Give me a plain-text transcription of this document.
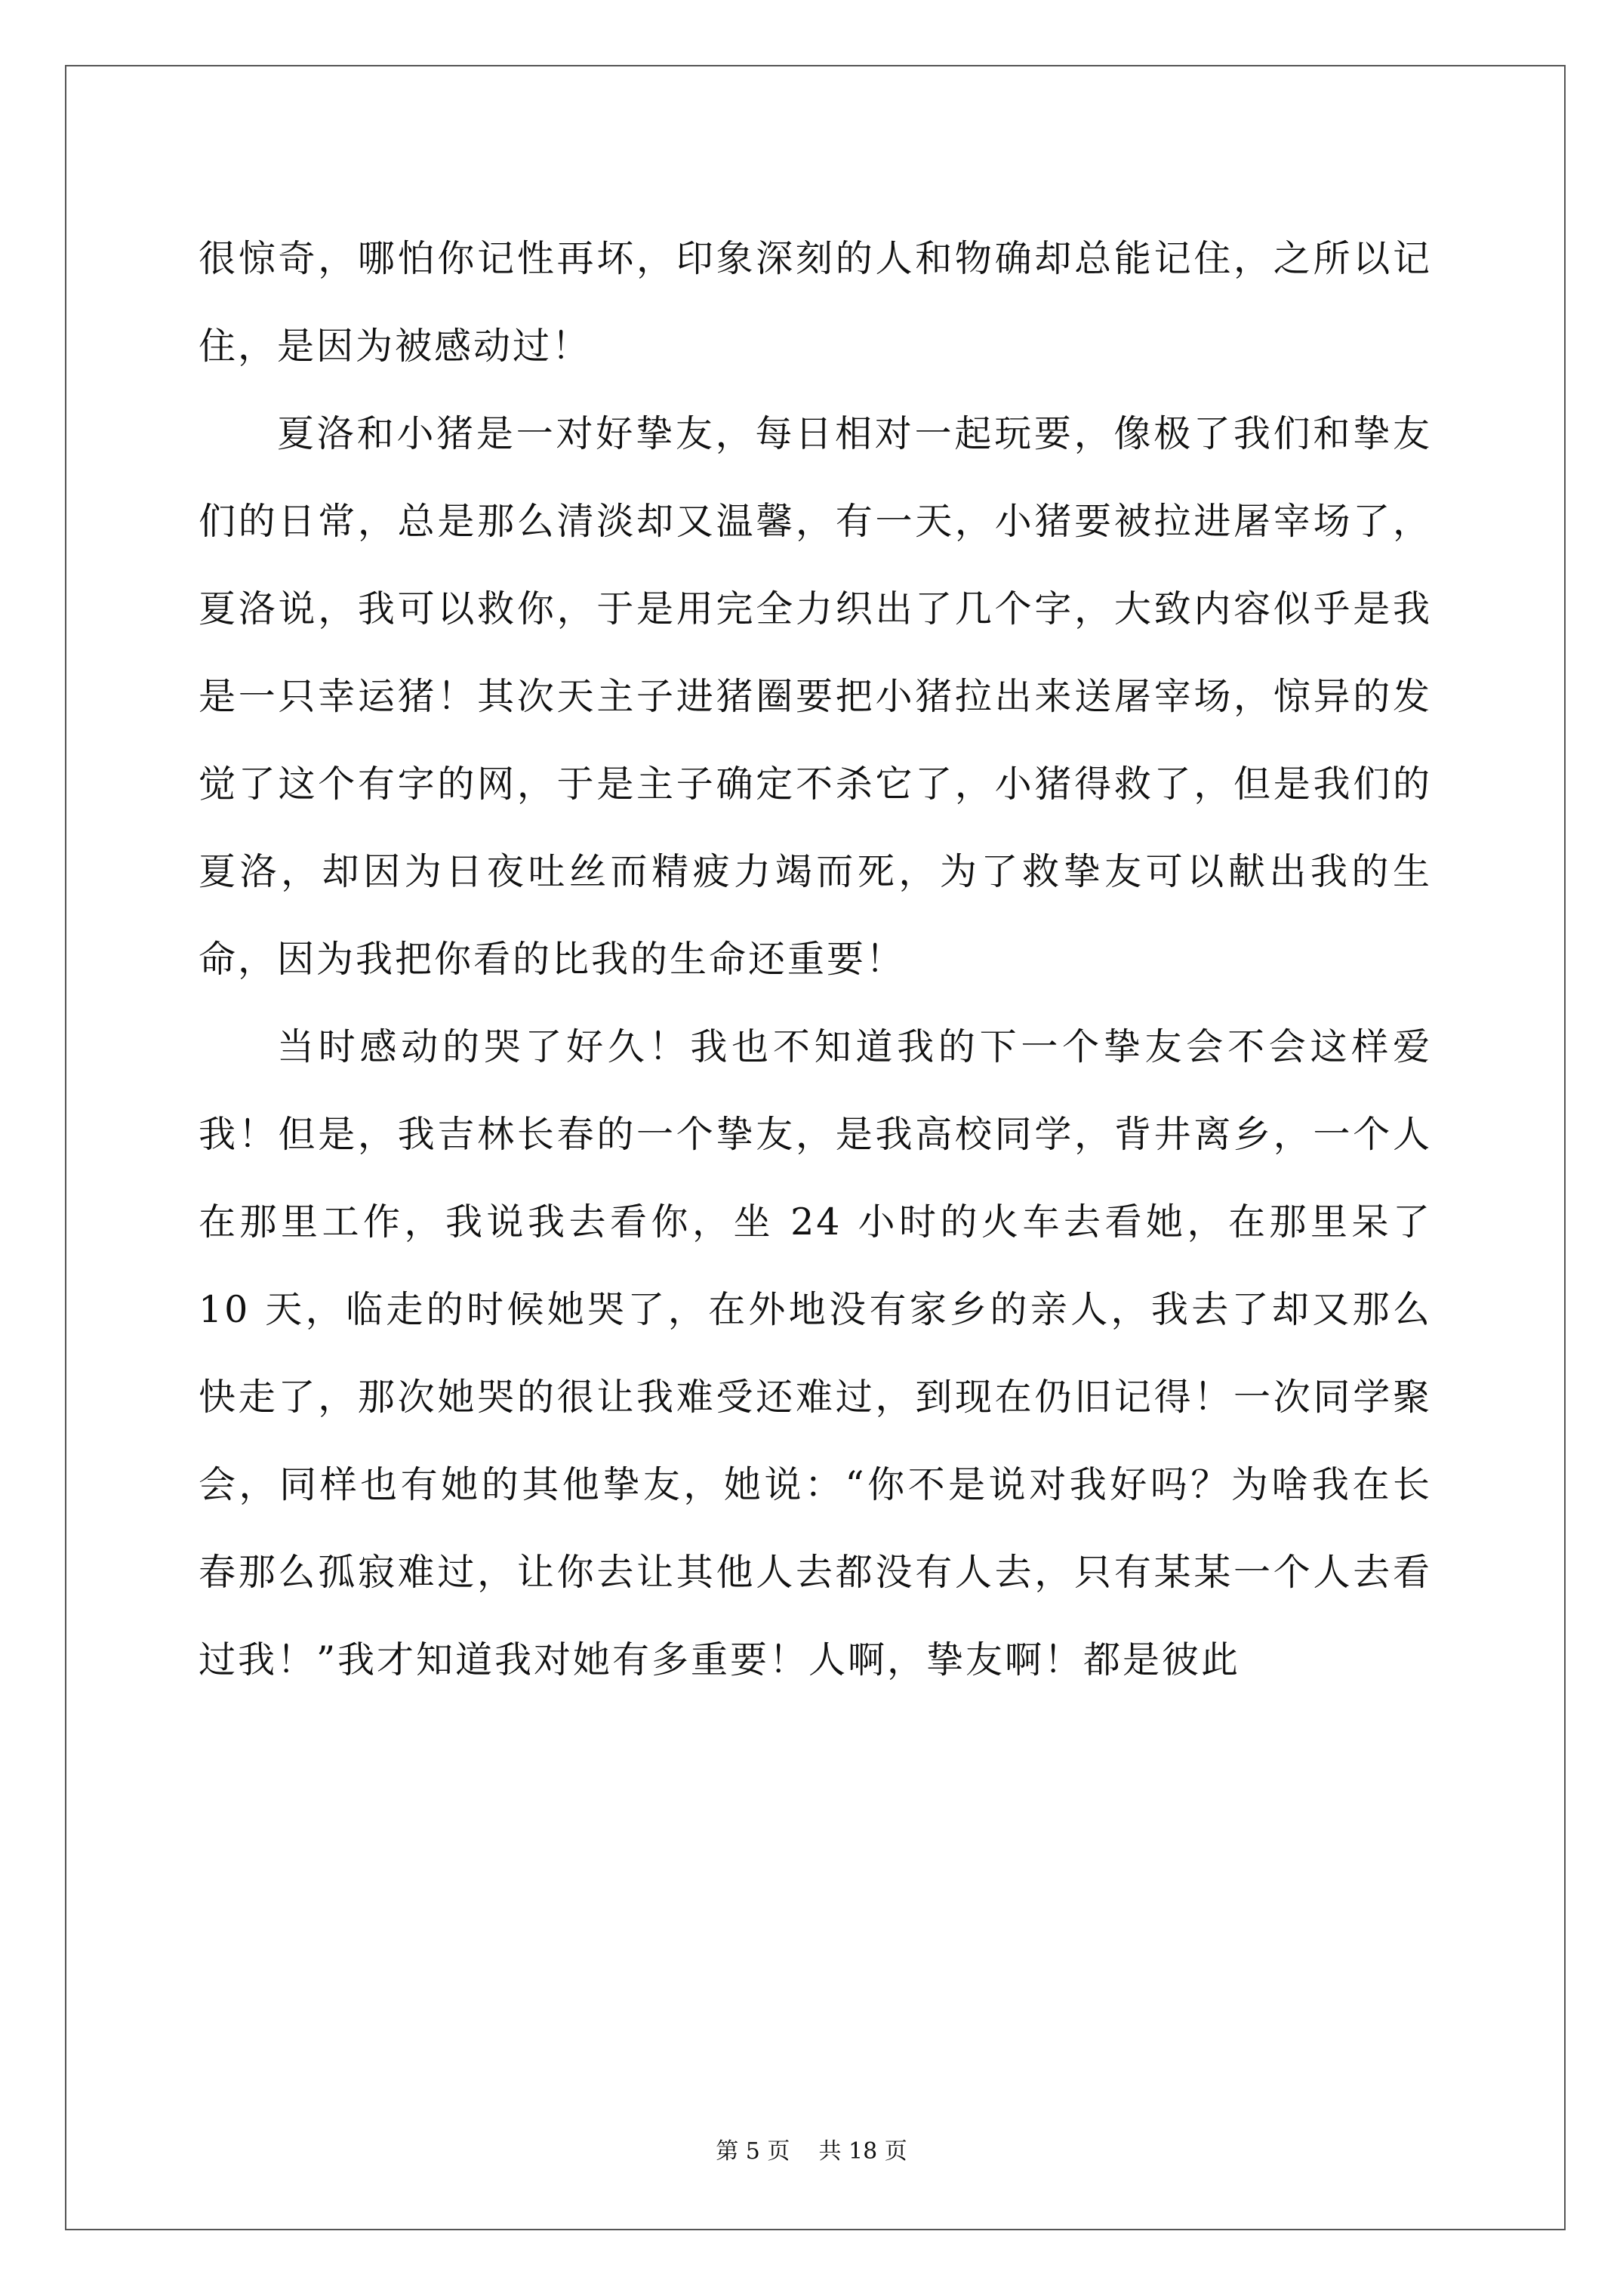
很惊奇，哪怕你记性再坏，印象深刻的人和物确却总能记住，之所以记住，是因为被感动过！

夏洛和小猪是一对好挚友，每日相对一起玩要，像极了我们和挚友们的日常，总是那么清淡却又温馨，有一天，小猪要被拉进屠宰场了，夏洛说，我可以救你，于是用完全力织出了几个字，大致内容似乎是我是一只幸运猪！其次天主子进猪圈要把小猪拉出来送屠宰场，惊异的发觉了这个有字的网，于是主子确定不杀它了，小猪得救了，但是我们的夏洛，却因为日夜吐丝而精疲力竭而死，为了救挚友可以献出我的生命，因为我把你看的比我的生命还重要！

当时感动的哭了好久！我也不知道我的下一个挚友会不会这样爱我！但是，我吉林长春的一个挚友，是我高校同学，背井离乡，一个人在那里工作，我说我去看你，坐 24 小时的火车去看她，在那里呆了 10 天，临走的时候她哭了，在外地没有家乡的亲人，我去了却又那么快走了，那次她哭的很让我难受还难过，到现在仍旧记得！一次同学聚会，同样也有她的其他挚友，她说：“你不是说对我好吗？为啥我在长春那么孤寂难过，让你去让其他人去都没有人去，只有某某一个人去看过我！”我才知道我对她有多重要！人啊，挚友啊！都是彼此

第 5 页    共 18 页
